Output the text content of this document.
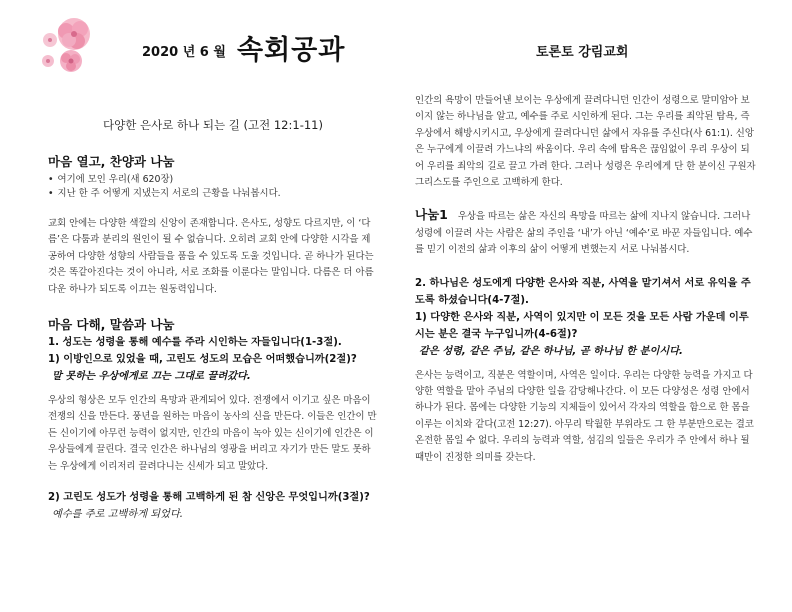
2020 년 6 월 속회공과	토론토 강림교회
다양한 은사로 하나 되는 길 (고전 12:1-11)
마음 열고, 찬양과 나눔
• 여기에 모인 우리(새 620장)
• 지난 한 주 어떻게 지냈는지 서로의 근황을 나눠봅시다.

교회 안에는 다양한 색깔의 신앙이 존재합니다. 은사도, 성향도 다르지만, 이 ‘다름’은 다툼과 분리의 원인이 될 수 없습니다. 오히려 교회 안에 다양한 시각을 제공하여 다양한 성향의 사람들을 품을 수 있도록 도울 것입니다. 곧 하나가 된다는 것은 똑같아진다는 것이 아니라, 서로 조화를 이룬다는 말입니다. 다름은 더 아름다운 하나가 되도록 이끄는 원동력입니다.

마음 다해, 말씀과 나눔
1. 성도는 성령을 통해 예수를 주라 시인하는 자들입니다(1-3절).
1) 이방인으로 있었을 때, 고린도 성도의 모습은 어떠했습니까(2절)?
말 못하는 우상에게로 끄는 그대로 끌려갔다.

우상의 형상은 모두 인간의 욕망과 관계되어 있다. 전쟁에서 이기고 싶은 마음이 전쟁의 신을 만든다. 풍년을 원하는 마음이 농사의 신을 만든다. 이들은 인간이 만든 신이기에 아무런 능력이 없지만, 인간의 마음이 녹아 있는 신이기에 인간은 이 우상들에게 끌린다. 결국 인간은 하나님의 영광을 버리고 자기가 만든 말도 못하는 우상에게 이리저리 끌려다니는 신세가 되고 말았다.

2) 고린도 성도가 성령을 통해 고백하게 된 참 신앙은 무엇입니까(3절)?
예수를 주로 고백하게 되었다.

인간의 욕망이 만들어낸 보이는 우상에게 끌려다니던 인간이 성령으로 말미암아 보이지 않는 하나님을 알고, 예수를 주로 시인하게 된다. 그는 우리를 죄악된 탐욕, 즉 우상에서 해방시키시고, 우상에게 끌려다니던 삶에서 자유를 주신다(사 61:1). 신앙은 누구에게 이끌려 가느냐의 싸움이다. 우리 속에 탐욕은 끊임없이 우리 우상이 되어 우리를 죄악의 길로 끌고 가려 한다. 그러나 성령은 우리에게 단 한 분이신 구원자 그리스도를 주인으로 고백하게 한다.

나눔1 우상을 따르는 삶은 자신의 욕망을 따르는 삶에 지나지 않습니다. 그러나 성령에 이끌려 사는 사람은 삶의 주인을 ‘내’가 아닌 ‘예수’로 바꾼 자들입니다. 예수를 믿기 이전의 삶과 이후의 삶이 어떻게 변했는지 서로 나눠봅시다.

2. 하나님은 성도에게 다양한 은사와 직분, 사역을 맡기셔서 서로 유익을 주도록 하셨습니다(4-7절).
1) 다양한 은사와 직분, 사역이 있지만 이 모든 것을 모든 사람 가운데 이루시는 분은 결국 누구입니까(4-6절)?
같은 성령, 같은 주님, 같은 하나님, 곧 하나님 한 분이시다.

은사는 능력이고, 직분은 역할이며, 사역은 일이다. 우리는 다양한 능력을 가지고 다양한 역할을 맡아 주님의 다양한 일을 감당해나간다. 이 모든 다양성은 성령 안에서 하나가 된다. 몸에는 다양한 기능의 지체들이 있어서 각자의 역할을 함으로 한 몸을 이루는 이치와 같다(고전 12:27). 아무리 탁월한 부위라도 그 한 부분만으로는 결코 온전한 몸일 수 없다. 우리의 능력과 역할, 섬김의 일들은 우리가 주 안에서 하나 될 때만이 진정한 의미를 갖는다.
